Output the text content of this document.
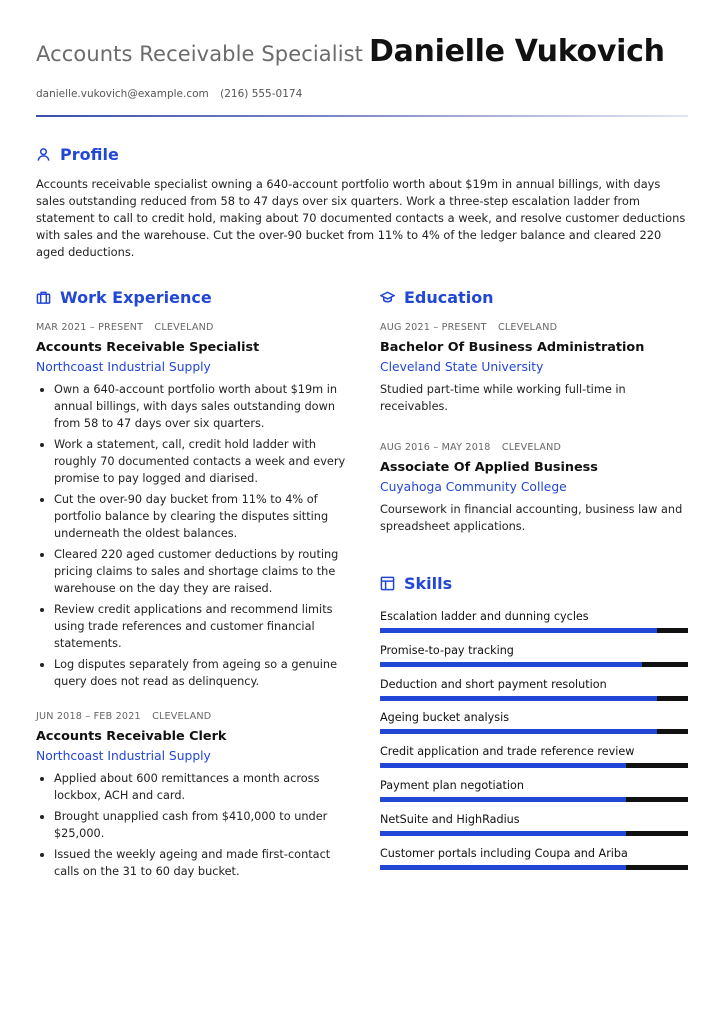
Accounts Receivable Specialist Danielle Vukovich
danielle.vukovich@example.com (216) 555-0174
Profile

Accounts receivable specialist owning a 640-account portfolio worth about $19m in annual billings, with days sales outstanding reduced from 58 to 47 days over six quarters. Work a three-step escalation ladder from statement to call to credit hold, making about 70 documented contacts a week, and resolve customer deductions with sales and the warehouse. Cut the over-90 bucket from 11% to 4% of the ledger balance and cleared 220 aged deductions.

Work Experience
MAR 2021 – PRESENT CLEVELAND
Accounts Receivable Specialist
Northcoast Industrial Supply
Own a 640-account portfolio worth about $19m in annual billings, with days sales outstanding down from 58 to 47 days over six quarters.
Work a statement, call, credit hold ladder with roughly 70 documented contacts a week and every promise to pay logged and diarised.
Cut the over-90 day bucket from 11% to 4% of portfolio balance by clearing the disputes sitting underneath the oldest balances.
Cleared 220 aged customer deductions by routing pricing claims to sales and shortage claims to the warehouse on the day they are raised.
Review credit applications and recommend limits using trade references and customer financial statements.
Log disputes separately from ageing so a genuine query does not read as delinquency.
JUN 2018 – FEB 2021 CLEVELAND
Accounts Receivable Clerk
Northcoast Industrial Supply
Applied about 600 remittances a month across lockbox, ACH and card.
Brought unapplied cash from $410,000 to under $25,000.
Issued the weekly ageing and made first-contact calls on the 31 to 60 day bucket.
Education
AUG 2021 – PRESENT CLEVELAND
Bachelor Of Business Administration
Cleveland State University

Studied part-time while working full-time in receivables.

AUG 2016 – MAY 2018 CLEVELAND
Associate Of Applied Business
Cuyahoga Community College

Coursework in financial accounting, business law and spreadsheet applications.

Skills
Escalation ladder and dunning cycles
Promise-to-pay tracking
Deduction and short payment resolution
Ageing bucket analysis
Credit application and trade reference review
Payment plan negotiation
NetSuite and HighRadius
Customer portals including Coupa and Ariba
